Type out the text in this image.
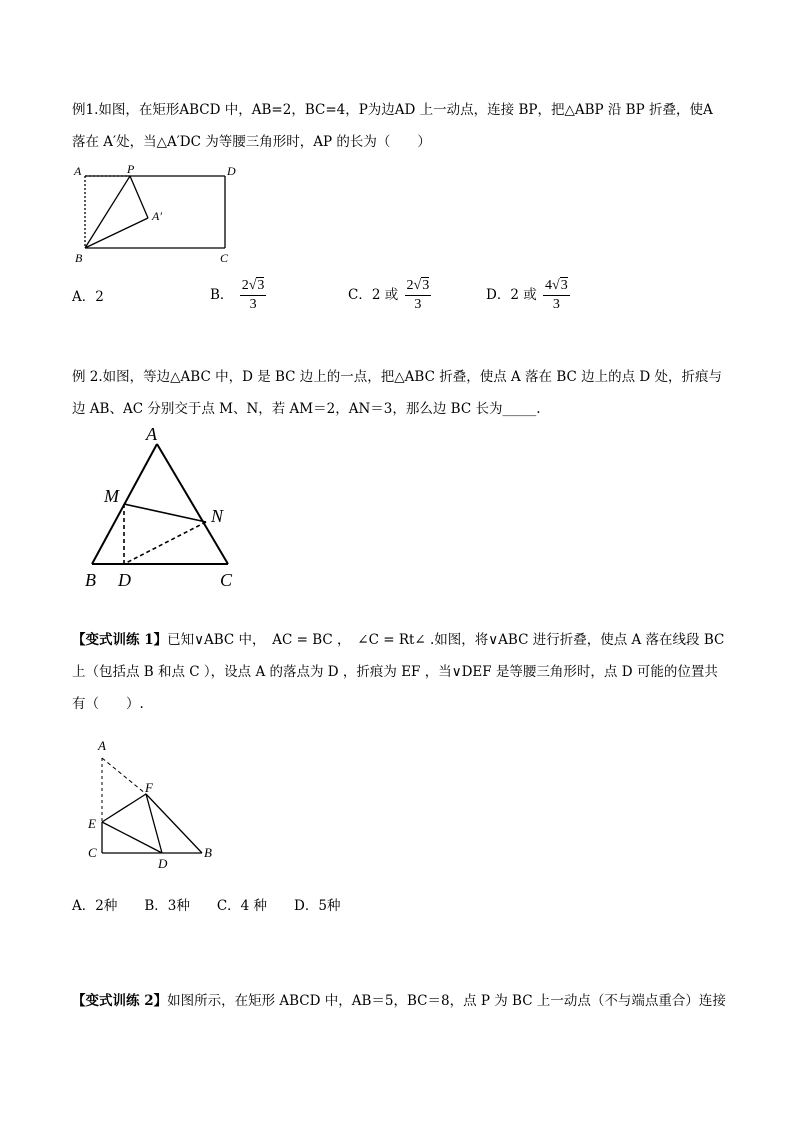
例1.如图，在矩形ABCD 中，AB=2，BC=4，P为边AD 上一动点，连接 BP，把△ABP 沿 BP 折叠，使A
落在 A′处，当△A′DC 为等腰三角形时，AP 的长为（　　）
A	P	D
A′
B	C
A．2	B． $\frac{2√3}{3}$	C．2 或 $\frac{2√3}{3}$	D．2 或 $\frac{4√3}{3}$
例 2.如图，等边△ABC 中，D 是 BC 边上的一点，把△ABC 折叠，使点 A 落在 BC 边上的点 D 处，折痕与
边 AB、AC 分别交于点 M、N，若 AM＝2，AN＝3，那么边 BC 长为_____.
A
M
N
B D	C
【变式训练 1】已知∨ABC 中，　AC = BC ，　∠C = Rt∠ .如图，将∨ABC 进行折叠，使点 A 落在线段 BC
上（包括点 B 和点 C ），设点 A 的落点为 D ，折痕为 EF ，当∨DEF 是等腰三角形时，点 D 可能的位置共
有（　　）.
A
F
E
C
D
B
A．2种　　B．3种　　C．4 种　　D．5种
【变式训练 2】如图所示，在矩形 ABCD 中，AB＝5，BC＝8，点 P 为 BC 上一动点（不与端点重合）连接
